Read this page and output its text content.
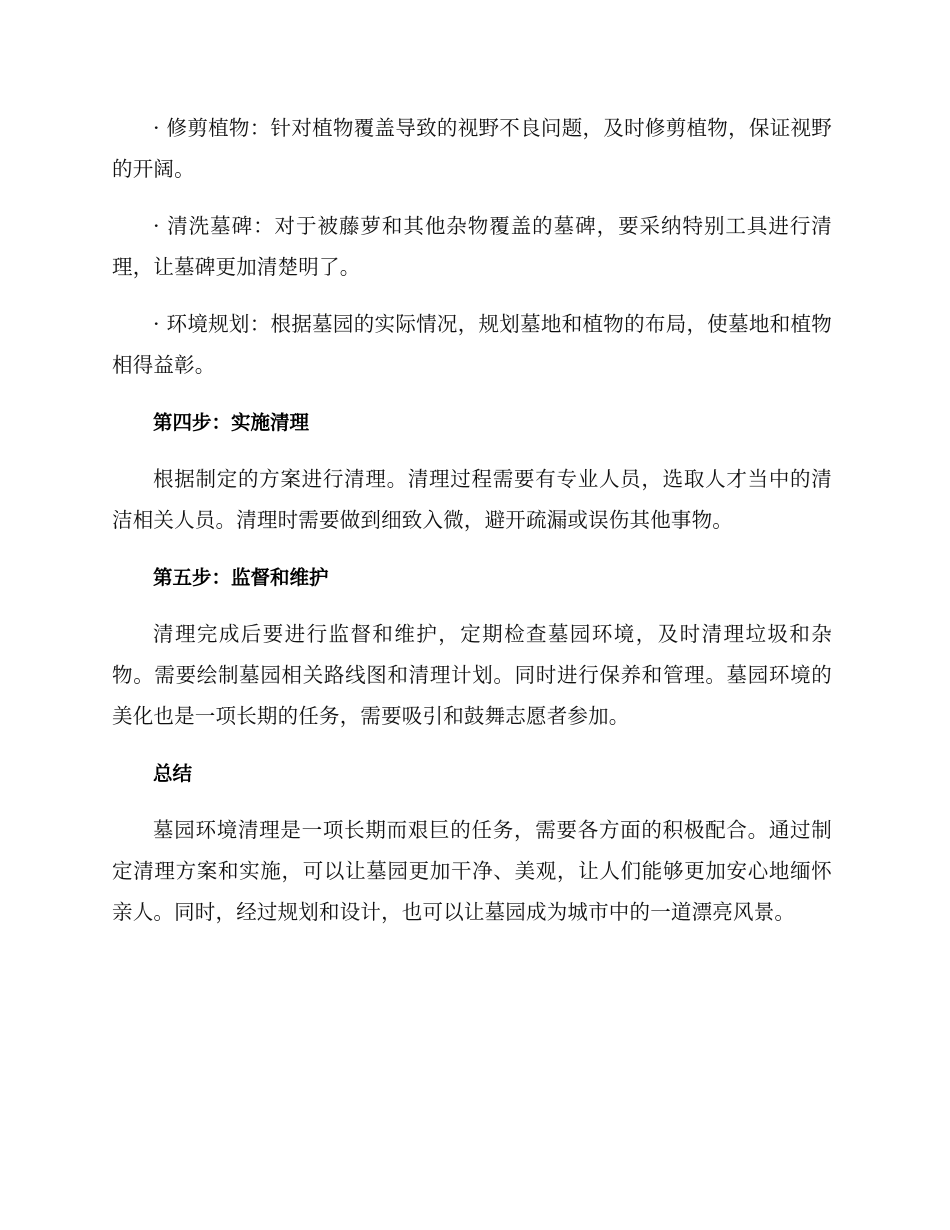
· 修剪植物：针对植物覆盖导致的视野不良问题，及时修剪植物，保证视野的开阔。

· 清洗墓碑：对于被藤萝和其他杂物覆盖的墓碑，要采纳特别工具进行清理，让墓碑更加清楚明了。

· 环境规划：根据墓园的实际情况，规划墓地和植物的布局，使墓地和植物相得益彰。

第四步：实施清理

根据制定的方案进行清理。清理过程需要有专业人员，选取人才当中的清洁相关人员。清理时需要做到细致入微，避开疏漏或误伤其他事物。

第五步：监督和维护

清理完成后要进行监督和维护，定期检查墓园环境，及时清理垃圾和杂物。需要绘制墓园相关路线图和清理计划。同时进行保养和管理。墓园环境的美化也是一项长期的任务，需要吸引和鼓舞志愿者参加。

总结

墓园环境清理是一项长期而艰巨的任务，需要各方面的积极配合。通过制定清理方案和实施，可以让墓园更加干净、美观，让人们能够更加安心地缅怀亲人。同时，经过规划和设计，也可以让墓园成为城市中的一道漂亮风景。
